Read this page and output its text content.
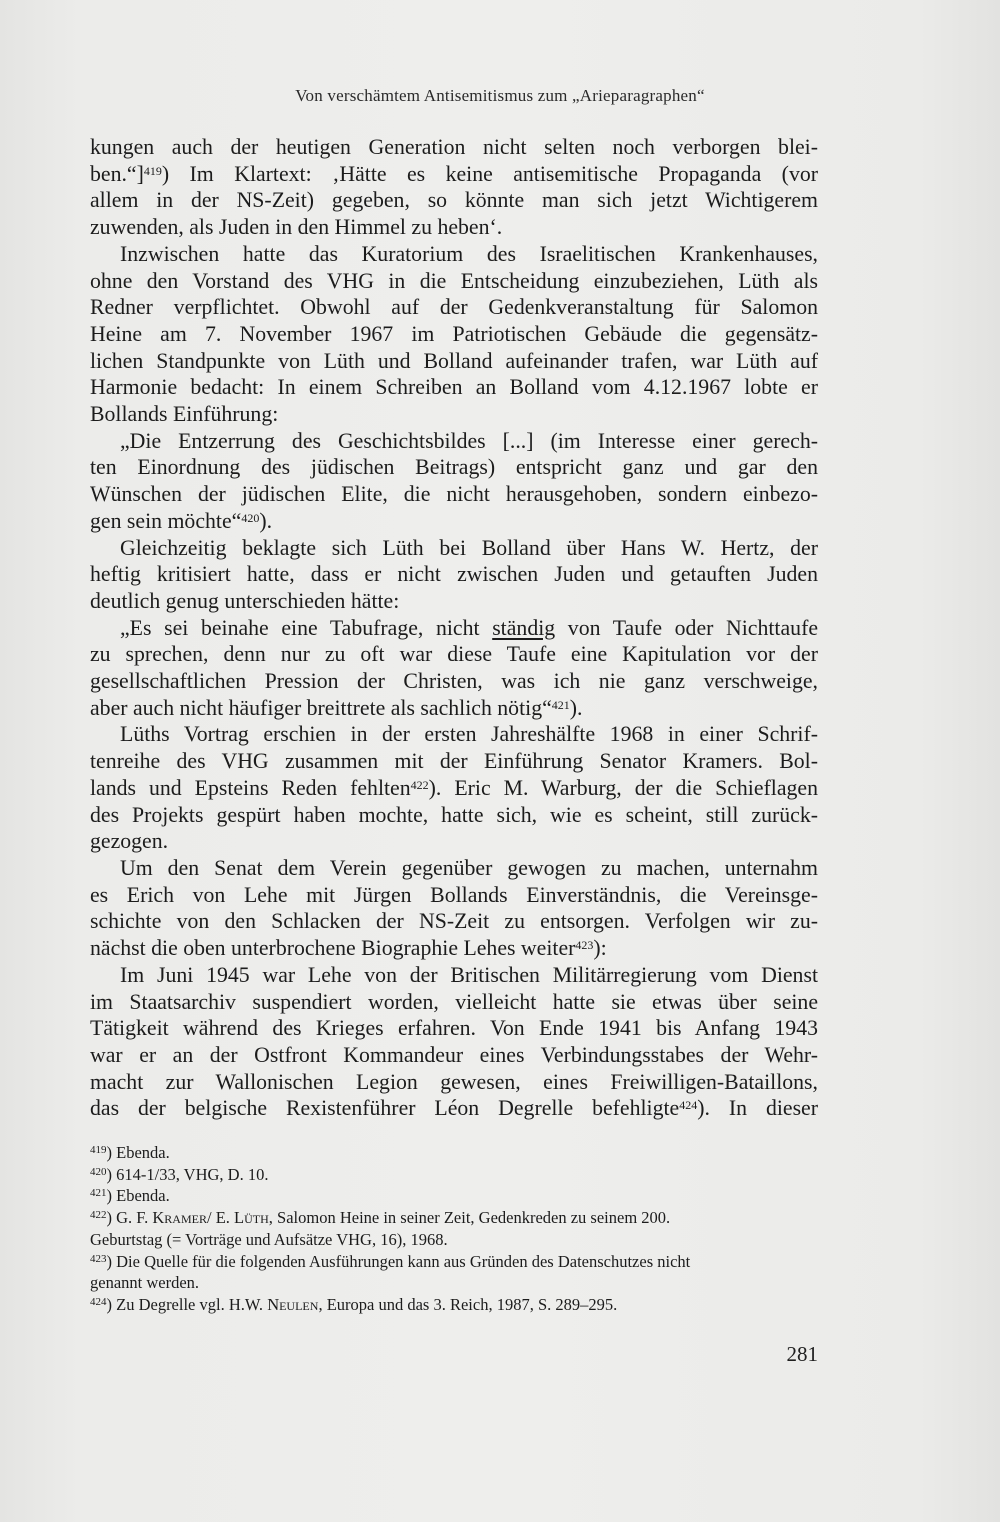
Von verschämtem Antisemitismus zum „Arieparagraphen“
kungen auch der heutigen Generation nicht selten noch verborgen blei-
ben.“]$^{419}$) Im Klartext: ‚Hätte es keine antisemitische Propaganda (vor
allem in der NS-Zeit) gegeben, so könnte man sich jetzt Wichtigerem
zuwenden, als Juden in den Himmel zu heben‘.
Inzwischen hatte das Kuratorium des Israelitischen Krankenhauses,
ohne den Vorstand des VHG in die Entscheidung einzubeziehen, Lüth als
Redner verpflichtet. Obwohl auf der Gedenkveranstaltung für Salomon
Heine am 7. November 1967 im Patriotischen Gebäude die gegensätz-
lichen Standpunkte von Lüth und Bolland aufeinander trafen, war Lüth auf
Harmonie bedacht: In einem Schreiben an Bolland vom 4.12.1967 lobte er
Bollands Einführung:
„Die Entzerrung des Geschichtsbildes [...] (im Interesse einer gerech-
ten Einordnung des jüdischen Beitrags) entspricht ganz und gar den
Wünschen der jüdischen Elite, die nicht herausgehoben, sondern einbezo-
gen sein möchte“$^{420}$).
Gleichzeitig beklagte sich Lüth bei Bolland über Hans W. Hertz, der
heftig kritisiert hatte, dass er nicht zwischen Juden und getauften Juden
deutlich genug unterschieden hätte:
„Es sei beinahe eine Tabufrage, nicht ständig von Taufe oder Nichttaufe
zu sprechen, denn nur zu oft war diese Taufe eine Kapitulation vor der
gesellschaftlichen Pression der Christen, was ich nie ganz verschweige,
aber auch nicht häufiger breittrete als sachlich nötig“$^{421}$).
Lüths Vortrag erschien in der ersten Jahreshälfte 1968 in einer Schrif-
tenreihe des VHG zusammen mit der Einführung Senator Kramers. Bol-
lands und Epsteins Reden fehlten$^{422}$). Eric M. Warburg, der die Schieflagen
des Projekts gespürt haben mochte, hatte sich, wie es scheint, still zurück-
gezogen.
Um den Senat dem Verein gegenüber gewogen zu machen, unternahm
es Erich von Lehe mit Jürgen Bollands Einverständnis, die Vereinsge-
schichte von den Schlacken der NS-Zeit zu entsorgen. Verfolgen wir zu-
nächst die oben unterbrochene Biographie Lehes weiter$^{423}$):
Im Juni 1945 war Lehe von der Britischen Militärregierung vom Dienst
im Staatsarchiv suspendiert worden, vielleicht hatte sie etwas über seine
Tätigkeit während des Krieges erfahren. Von Ende 1941 bis Anfang 1943
war er an der Ostfront Kommandeur eines Verbindungsstabes der Wehr-
macht zur Wallonischen Legion gewesen, eines Freiwilligen-Bataillons,
das der belgische Rexistenführer Léon Degrelle befehligte$^{424}$). In dieser
$^{419}$) Ebenda.
$^{420}$) 614-1/33, VHG, D. 10.
$^{421}$) Ebenda.
$^{422}$) G. F. Kramer/ E. Lüth, Salomon Heine in seiner Zeit, Gedenkreden zu seinem 200.
Geburtstag (= Vorträge und Aufsätze VHG, 16), 1968.
$^{423}$) Die Quelle für die folgenden Ausführungen kann aus Gründen des Datenschutzes nicht
genannt werden.
$^{424}$) Zu Degrelle vgl. H.W. Neulen, Europa und das 3. Reich, 1987, S. 289–295.
281
